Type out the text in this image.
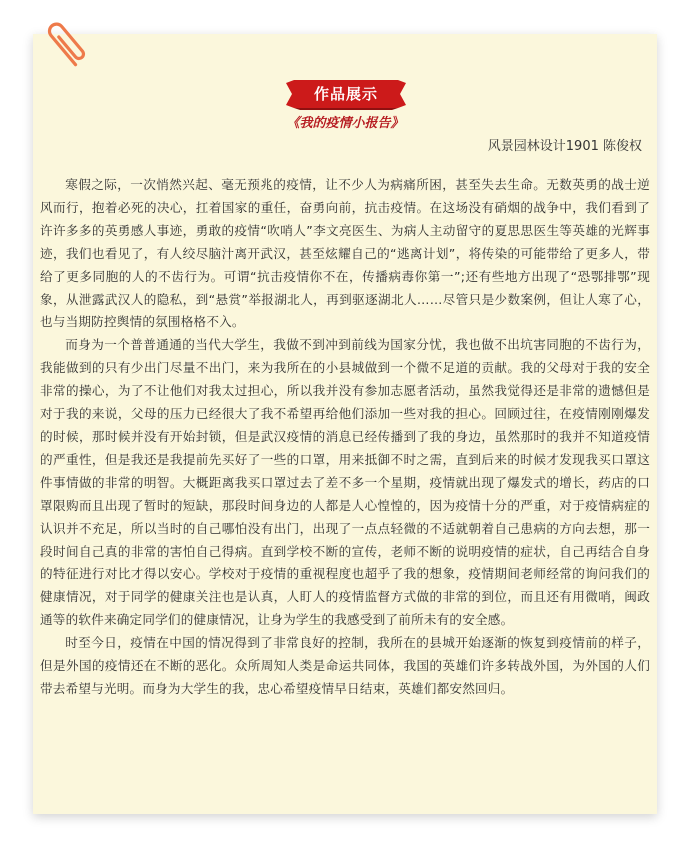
作品展示
《我的疫情小报告》
风景园林设计1901 陈俊权

寒假之际，一次悄然兴起、毫无预兆的疫情，让不少人为病痛所困，甚至失去生命。无数英勇的战士逆风而行，抱着必死的决心，扛着国家的重任，奋勇向前，抗击疫情。在这场没有硝烟的战争中，我们看到了许许多多的英勇感人事迹，勇敢的疫情“吹哨人”李文亮医生、为病人主动留守的夏思思医生等英雄的光辉事迹，我们也看见了，有人绞尽脑汁离开武汉，甚至炫耀自己的“逃离计划”，将传染的可能带给了更多人，带给了更多同胞的人的不齿行为。可谓“抗击疫情你不在，传播病毒你第一”;还有些地方出现了“恐鄂排鄂”现象，从泄露武汉人的隐私，到“悬赏”举报湖北人，再到驱逐湖北人……尽管只是少数案例，但让人寒了心，也与当期防控舆情的氛围格格不入。

而身为一个普普通通的当代大学生，我做不到冲到前线为国家分忧，我也做不出坑害同胞的不齿行为，我能做到的只有少出门尽量不出门，来为我所在的小县城做到一个微不足道的贡献。我的父母对于我的安全非常的操心，为了不让他们对我太过担心，所以我并没有参加志愿者活动，虽然我觉得还是非常的遗憾但是对于我的来说，父母的压力已经很大了我不希望再给他们添加一些对我的担心。回顾过往，在疫情刚刚爆发的时候，那时候并没有开始封锁，但是武汉疫情的消息已经传播到了我的身边，虽然那时的我并不知道疫情的严重性，但是我还是我提前先买好了一些的口罩，用来抵御不时之需，直到后来的时候才发现我买口罩这件事情做的非常的明智。大概距离我买口罩过去了差不多一个星期，疫情就出现了爆发式的增长，药店的口罩限购而且出现了暂时的短缺，那段时间身边的人都是人心惶惶的，因为疫情十分的严重，对于疫情病症的认识并不充足，所以当时的自己哪怕没有出门，出现了一点点轻微的不适就朝着自己患病的方向去想，那一段时间自己真的非常的害怕自己得病。直到学校不断的宣传，老师不断的说明疫情的症状，自己再结合自身的特征进行对比才得以安心。学校对于疫情的重视程度也超乎了我的想象，疫情期间老师经常的询问我们的健康情况，对于同学的健康关注也是认真，人盯人的疫情监督方式做的非常的到位，而且还有用微哨，闽政通等的软件来确定同学们的健康情况，让身为学生的我感受到了前所未有的安全感。

时至今日，疫情在中国的情况得到了非常良好的控制，我所在的县城开始逐渐的恢复到疫情前的样子，但是外国的疫情还在不断的恶化。众所周知人类是命运共同体，我国的英雄们许多转战外国，为外国的人们带去希望与光明。而身为大学生的我，忠心希望疫情早日结束，英雄们都安然回归。
